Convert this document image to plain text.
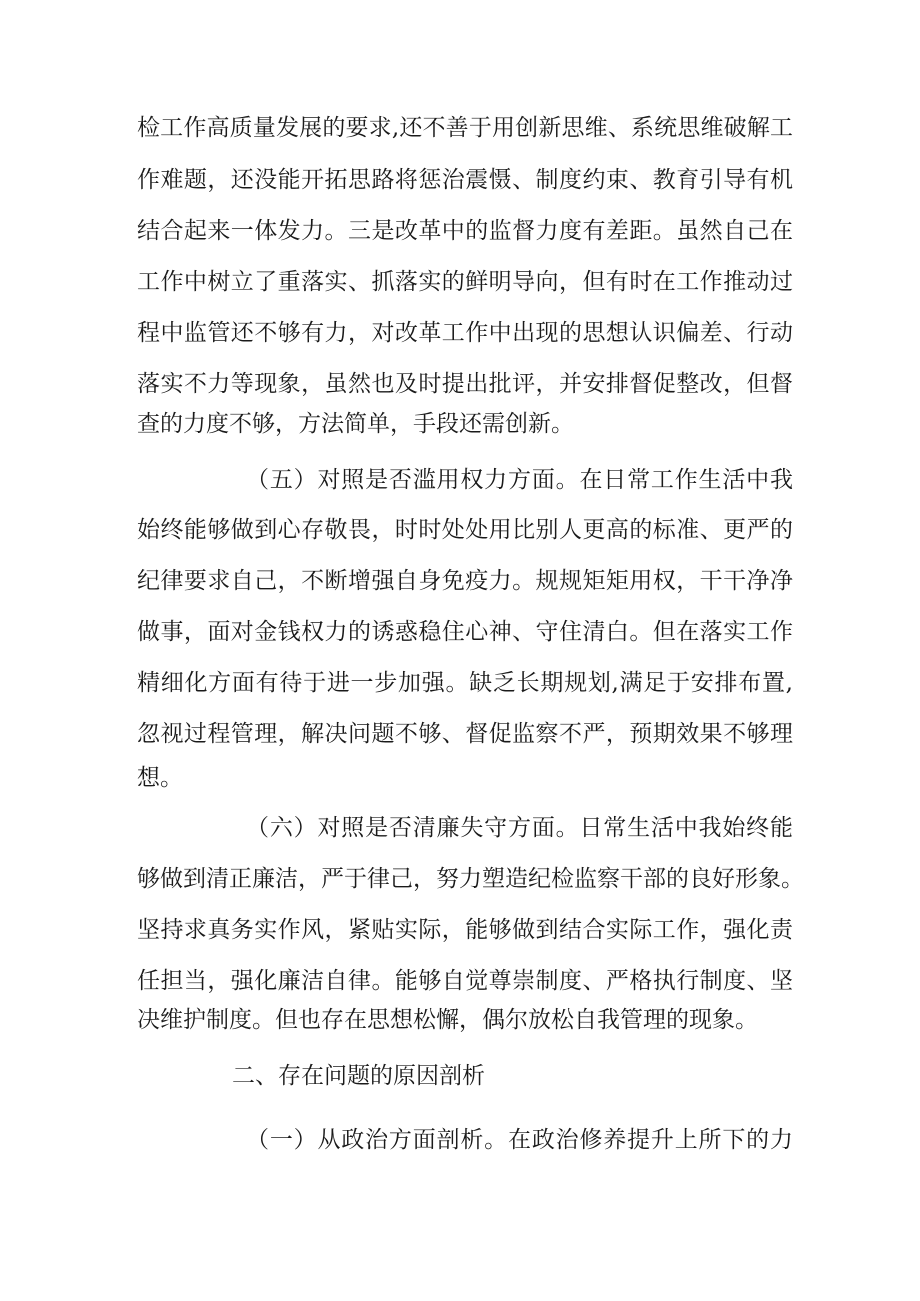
检工作高质量发展的要求,还不善于用创新思维、系统思维破解工
作难题，还没能开拓思路将惩治震慑、制度约束、教育引导有机
结合起来一体发力。三是改革中的监督力度有差距。虽然自己在
工作中树立了重落实、抓落实的鲜明导向，但有时在工作推动过
程中监管还不够有力，对改革工作中出现的思想认识偏差、行动
落实不力等现象，虽然也及时提出批评，并安排督促整改，但督
查的力度不够，方法简单，手段还需创新。
（五）对照是否滥用权力方面。在日常工作生活中我
始终能够做到心存敬畏，时时处处用比别人更高的标准、更严的
纪律要求自己，不断增强自身免疫力。规规矩矩用权，干干净净
做事，面对金钱权力的诱惑稳住心神、守住清白。但在落实工作
精细化方面有待于进一步加强。缺乏长期规划,满足于安排布置,
忽视过程管理，解决问题不够、督促监察不严，预期效果不够理
想。
（六）对照是否清廉失守方面。日常生活中我始终能
够做到清正廉洁，严于律己，努力塑造纪检监察干部的良好形象。
坚持求真务实作风，紧贴实际，能够做到结合实际工作，强化责
任担当，强化廉洁自律。能够自觉尊崇制度、严格执行制度、坚
决维护制度。但也存在思想松懈，偶尔放松自我管理的现象。
二、存在问题的原因剖析
（一）从政治方面剖析。在政治修养提升上所下的力
